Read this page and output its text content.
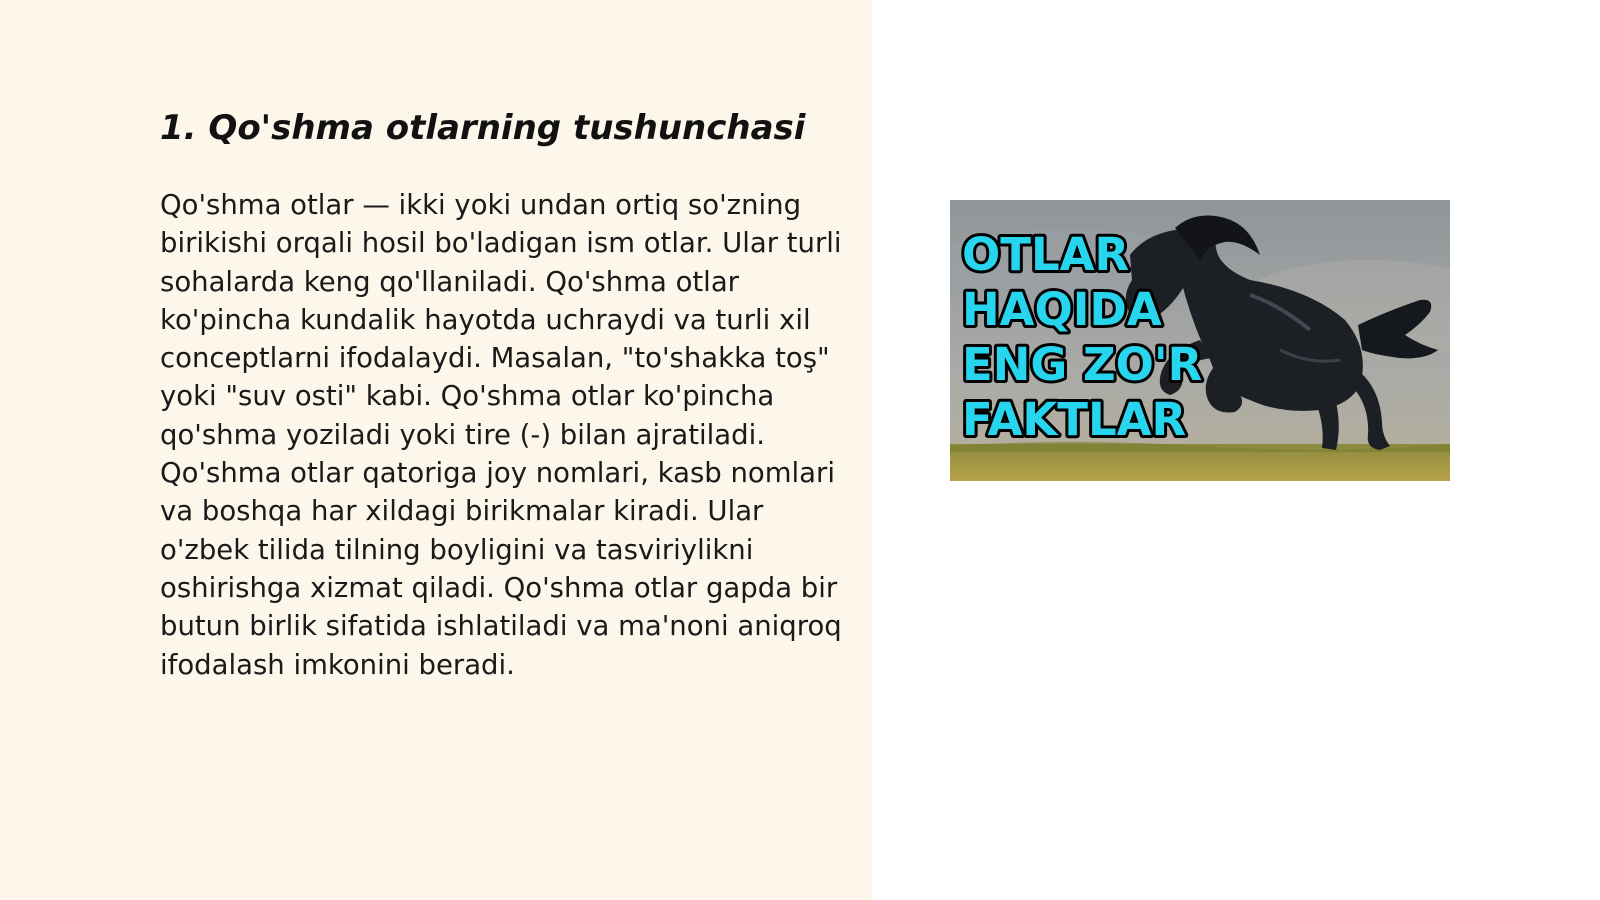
1. Qo'shma otlarning tushunchasi

Qo'shma otlar — ikki yoki undan ortiq so'zning birikishi orqali hosil bo'ladigan ism otlar. Ular turli sohalarda keng qo'llaniladi. Qo'shma otlar ko'pincha kundalik hayotda uchraydi va turli xil conceptlarni ifodalaydi. Masalan, "to'shakka toş" yoki "suv osti" kabi. Qo'shma otlar ko'pincha qo'shma yoziladi yoki tire (-) bilan ajratiladi. Qo'shma otlar qatoriga joy nomlari, kasb nomlari va boshqa har xildagi birikmalar kiradi. Ular o'zbek tilida tilning boyligini va tasviriylikni oshirishga xizmat qiladi. Qo'shma otlar gapda bir butun birlik sifatida ishlatiladi va ma'noni aniqroq ifodalash imkonini beradi.

OTLAR
HAQIDA
ENG ZO'R
FAKTLAR
